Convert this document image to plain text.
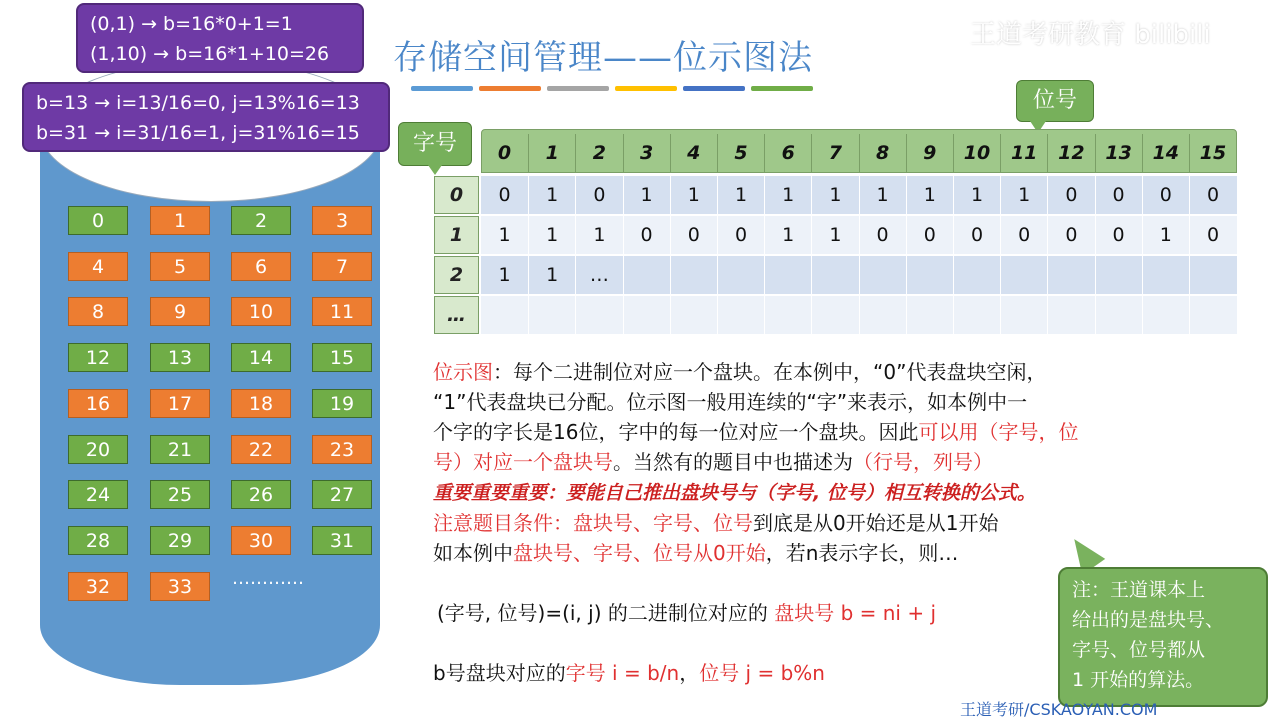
存储空间管理——位示图法
王道考研教育 bilibili
0	1	2	3
4	5	6	7
8	9	10	11
12	13	14	15
16	17	18	19
20	21	22	23
24	25	26	27
28	29	30	31
32	33	…………
(0,1) → b=16*0+1=1
(1,10) → b=16*1+10=26
b=13 → i=13/16=0, j=13%16=13
b=31 → i=31/16=1, j=31%16=15
位号
字号	0	1	2	3	4	5	6	7	8	9	10	11	12	13	14	15
0	0	1	0	1	1	1	1	1	1	1	1	1	0	0	0	0
1	1	1	1	0	0	0	1	1	0	0	0	0	0	0	1	0
2	1	1	…
…
位示图：每个二进制位对应一个盘块。在本例中，“0”代表盘块空闲，
“1”代表盘块已分配。位示图一般用连续的“字”来表示，如本例中一
个字的字长是16位，字中的每一位对应一个盘块。因此可以用（字号，位
号）对应一个盘块号。当然有的题目中也描述为（行号，列号）
重要重要重要：要能自己推出盘块号与（字号, 位号）相互转换的公式。
注意题目条件：盘块号、字号、位号到底是从0开始还是从1开始
如本例中盘块号、字号、位号从0开始，若n表示字长，则…
(字号, 位号)=(i, j) 的二进制位对应的 盘块号 b = ni + j
b号盘块对应的字号 i = b/n，位号 j = b%n
注：王道课本上
给出的是盘块号、
字号、位号都从
1 开始的算法。
王道考研/CSKAOYAN.COM
